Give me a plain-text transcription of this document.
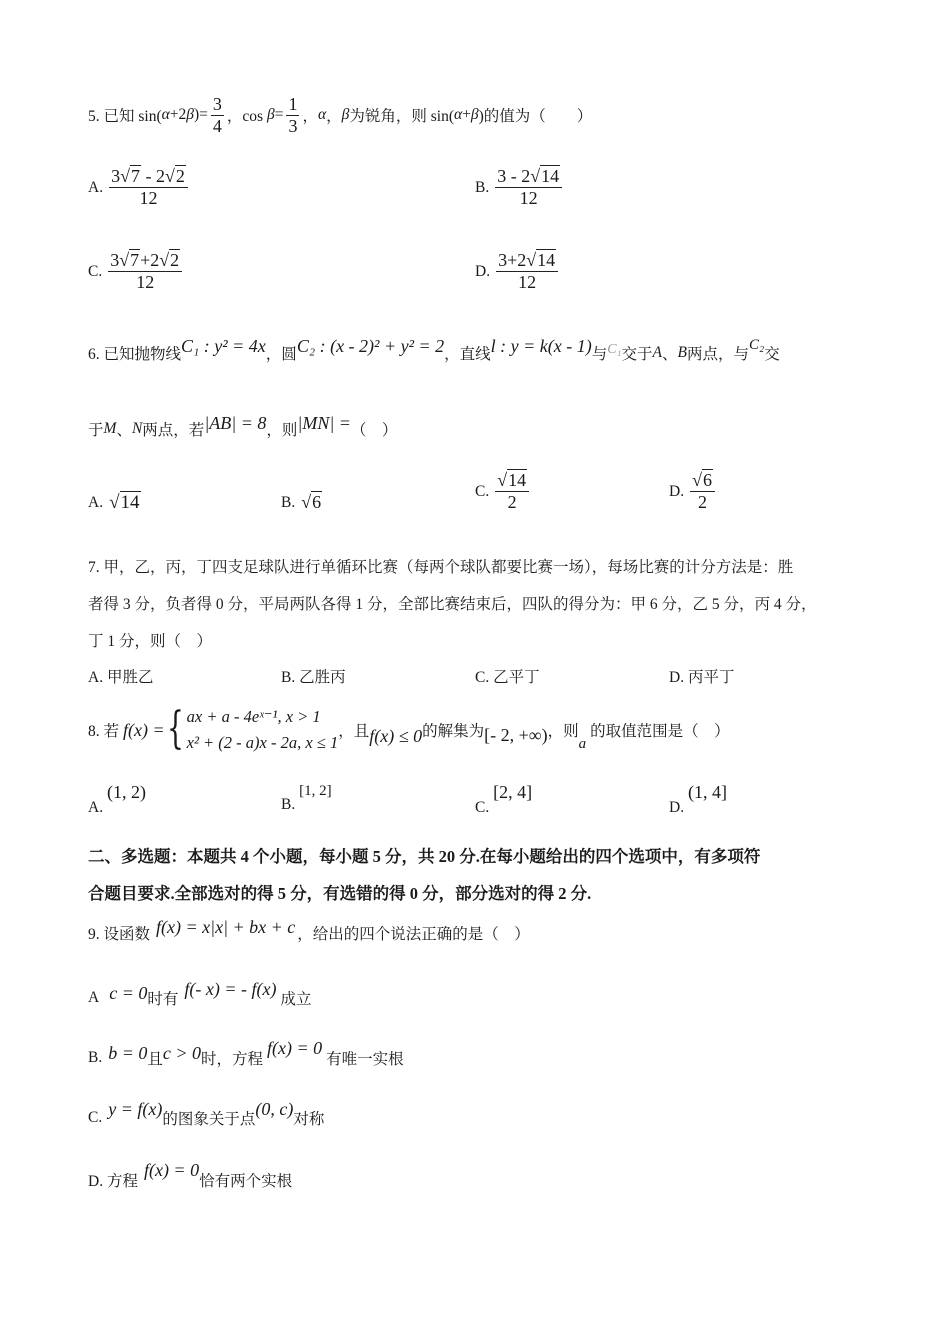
5. 已知 sin( α +2 β )= $\frac{3}{4}$ ，cos
$\beta = \frac{1}{3}$ ， α ， β 为锐角，则 sin( α + β )的值为（　　）
A. $\frac{3√7 - 2√2}{12}$	B. $\frac{3 - 2√14}{12}$
C. $\frac{3√7+2√2}{12}$	D. $\frac{3+2√14}{12}$
6. 已知抛物线 C₁ : y² = 4x ，圆 C₂ : (x - 2)² + y² = 2 ，直线 l : y = k(x - 1) 与 C₁ 交于 A 、 B 两点，与
C₂
交
于 M 、 N 两点，若 |AB| = 8 ，则 |MN| = （　）
A. √14	B. √6
C. $\frac{√14}{2}$	D. $\frac{√6}{2}$
7. 甲，乙，丙，丁四支足球队进行单循环比赛（每两个球队都要比赛一场），每场比赛的计分方法是：胜
者得 3 分，负者得 0 分，平局两队各得 1 分，全部比赛结束后，四队的得分为：甲 6 分，乙 5 分，丙 4 分，
丁 1 分，则（　）
A. 甲胜乙	B. 乙胜丙	C. 乙平丁	D. 丙平丁
8. 若 f(x) = { ax + a - 4eˣ⁻¹, x > 1
x² + (2 - a)x - 2a, x ≤ 1
，且 f(x) ≤ 0 的解集为 [- 2, +∞) ，则
a
的取值范围是（　）
A. (1, 2)
B. [1, 2]
C. [2, 4]
D. (1, 4]
二、多选题：本题共 4 个小题，每小题 5 分，共 20 分.在每小题给出的四个选项中，有多项符
合题目要求.全部选对的得 5 分，有选错的得 0 分，部分选对的得 2 分.
9. 设函数 f(x) = x|x| + bx + c ，给出的四个说法正确的是（　）
A c = 0 时有
f(- x) = - f(x)
成立
B. b = 0 且 c > 0 时，方程
f(x) = 0
有唯一实根
C. y = f(x)
的图象关于点
(0, c)
对称
D. 方程
f(x) = 0
恰有两个实根
